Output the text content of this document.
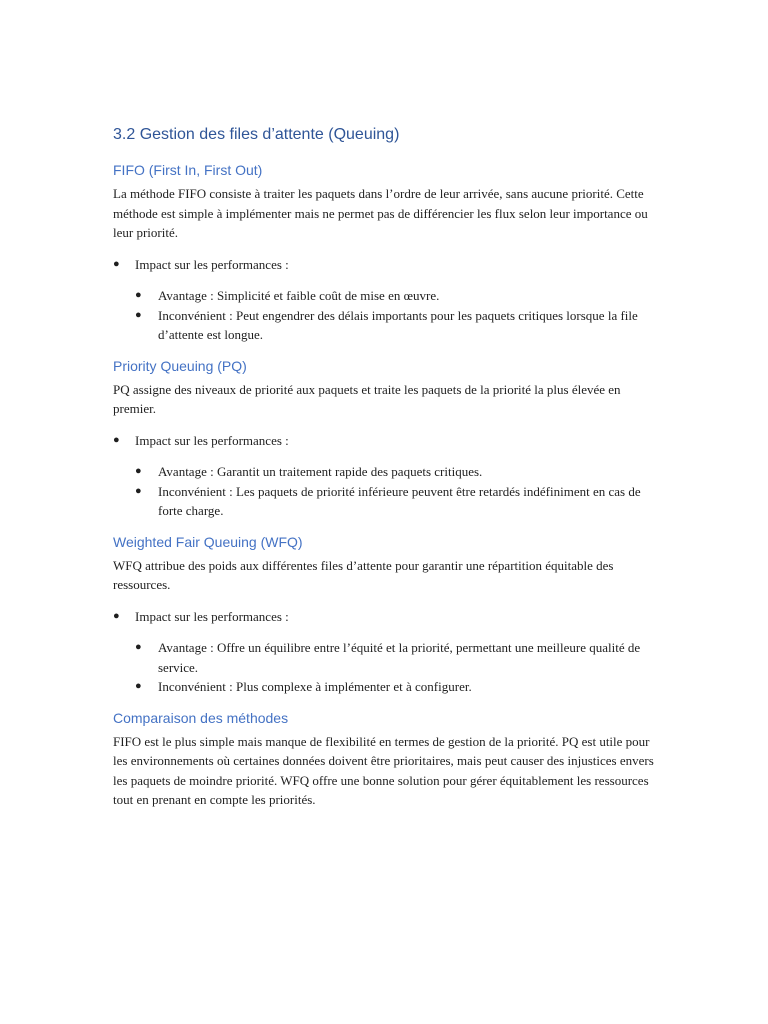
3.2 Gestion des files d’attente (Queuing)
FIFO (First In, First Out)

La méthode FIFO consiste à traiter les paquets dans l’ordre de leur arrivée, sans aucune priorité. Cette méthode est simple à implémenter mais ne permet pas de différencier les flux selon leur importance ou leur priorité.

● Impact sur les performances :
● Avantage : Simplicité et faible coût de mise en œuvre.
● Inconvénient : Peut engendrer des délais importants pour les paquets critiques lorsque la file d’attente est longue.
Priority Queuing (PQ)

PQ assigne des niveaux de priorité aux paquets et traite les paquets de la priorité la plus élevée en premier.

● Impact sur les performances :
● Avantage : Garantit un traitement rapide des paquets critiques.
● Inconvénient : Les paquets de priorité inférieure peuvent être retardés indéfiniment en cas de forte charge.
Weighted Fair Queuing (WFQ)

WFQ attribue des poids aux différentes files d’attente pour garantir une répartition équitable des ressources.

● Impact sur les performances :
● Avantage : Offre un équilibre entre l’équité et la priorité, permettant une meilleure qualité de service.
● Inconvénient : Plus complexe à implémenter et à configurer.
Comparaison des méthodes

FIFO est le plus simple mais manque de flexibilité en termes de gestion de la priorité. PQ est utile pour les environnements où certaines données doivent être prioritaires, mais peut causer des injustices envers les paquets de moindre priorité. WFQ offre une bonne solution pour gérer équitablement les ressources tout en prenant en compte les priorités.
